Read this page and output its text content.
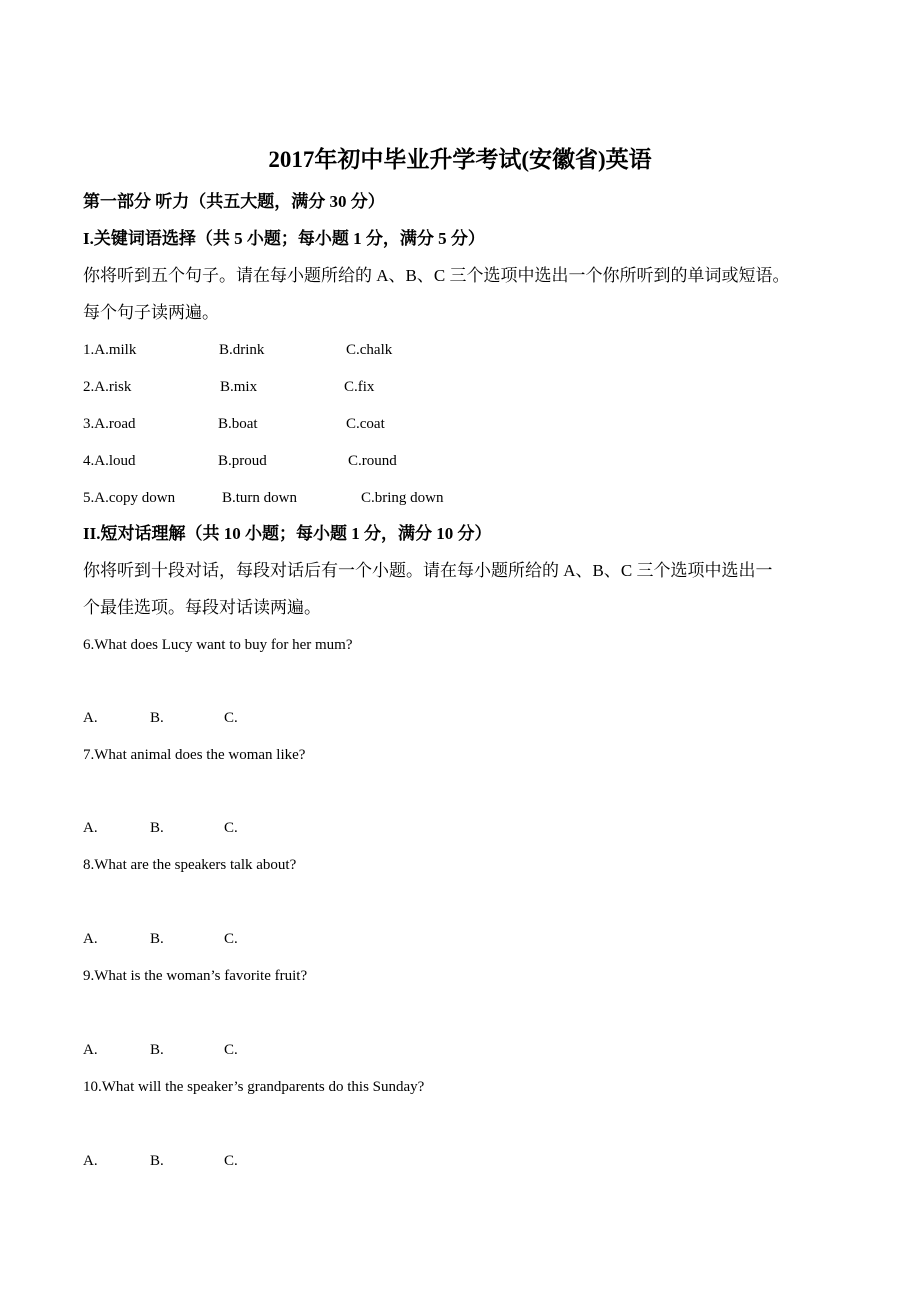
2017年初中毕业升学考试(安徽省)英语
第一部分 听力（共五大题，满分 30 分）
I.关键词语选择（共 5 小题；每小题 1 分，满分 5 分）
你将听到五个句子。请在每小题所给的 A、B、C 三个选项中选出一个你所听到的单词或短语。
每个句子读两遍。
1.A.milk	B.drink	C.chalk
2.A.risk	B.mix	C.fix
3.A.road	B.boat	C.coat
4.A.loud	B.proud	C.round
5.A.copy down	B.turn down	C.bring down
II.短对话理解（共 10 小题；每小题 1 分，满分 10 分）
你将听到十段对话，每段对话后有一个小题。请在每小题所给的 A、B、C 三个选项中选出一
个最佳选项。每段对话读两遍。
6.What does Lucy want to buy for her mum?
A.	B.	C.
7.What animal does the woman like?
A.	B.	C.
8.What are the speakers talk about?
A.	B.	C.
9.What is the woman’s favorite fruit?
A.	B.	C.
10.What will the speaker’s grandparents do this Sunday?
A.	B.	C.
